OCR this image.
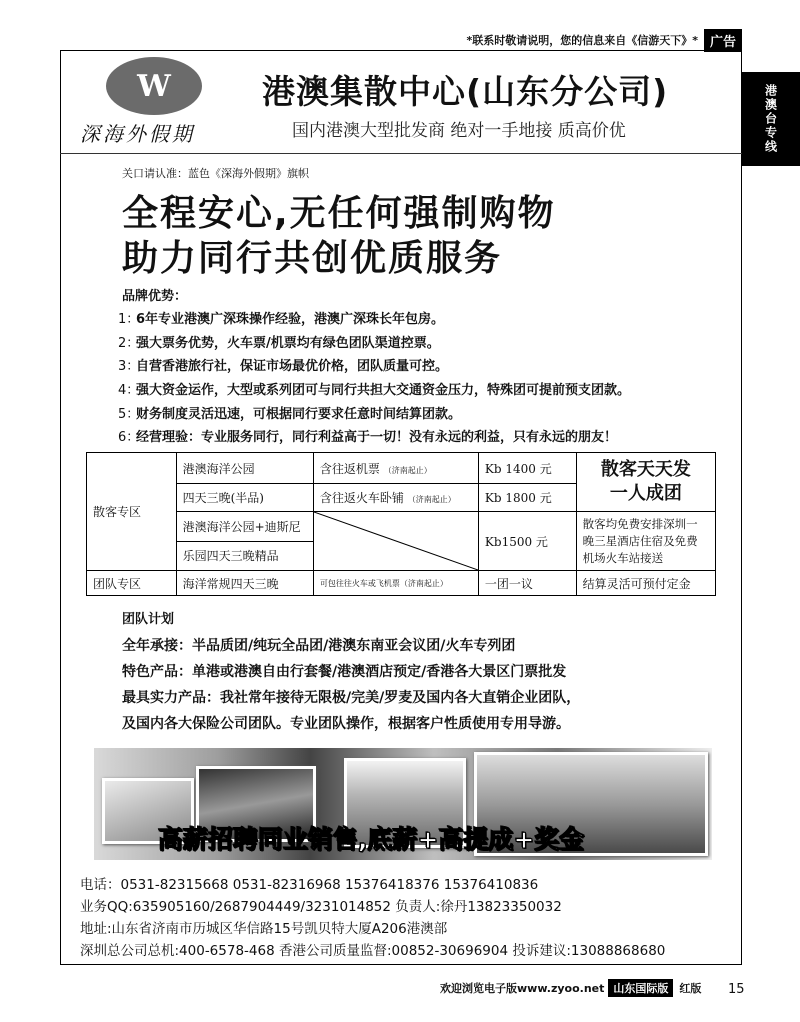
*联系时敬请说明，您的信息来自《信游天下》* 广告
港澳台专线
W
深海外假期
港澳集散中心(山东分公司)
国内港澳大型批发商 绝对一手地接 质高价优
关口请认准：蓝色《深海外假期》旗帜
全程安心,无任何强制购物
助力同行共创优质服务
品牌优势：
1：
6年专业港澳广深珠操作经验，港澳广深珠长年包房。
2：
强大票务优势，火车票/机票均有绿色团队渠道控票。
3：
自营香港旅行社，保证市场最优价格，团队质量可控。
4：
强大资金运作，大型或系列团可与同行共担大交通资金压力，特殊团可提前预支团款。
5：
财务制度灵活迅速，可根据同行要求任意时间结算团款。
6：
经营理验：专业服务同行，同行利益高于一切！没有永远的利益，只有永远的朋友！
散客专区	港澳海洋公园	含往返机票 （济南起止）	Kb 1400 元	散客天天发
一人成团

	四天三晚(半品)	含往返火车卧铺 （济南起止）	Kb 1800 元	
	港澳海洋公园+迪斯尼		Kb1500 元	散客均免费安排深圳一晚三星酒店住宿及免费机场火车站接送
	乐园四天三晚精品			
团队专区	海洋常规四天三晚	可包往往火车或飞机票（济南起止）	一团一议	结算灵活可预付定金
团队计划
全年承接：半品质团/纯玩全品团/港澳东南亚会议团/火车专列团
特色产品：单港或港澳自由行套餐/港澳酒店预定/香港各大景区门票批发
最具实力产品：我社常年接待无限极/完美/罗麦及国内各大直销企业团队，
及国内各大保险公司团队。专业团队操作，根据客户性质使用专用导游。
高薪招聘同业销售,底薪+高提成+奖金
电话：0531-82315668 0531-82316968 15376418376 15376410836
业务QQ:635905160/2687904449/3231014852 负责人:徐丹13823350032
地址:山东省济南市历城区华信路15号凯贝特大厦A206港澳部
深圳总公司总机:400-6578-468 香港公司质量监督:00852-30696904 投诉建议:13088868680
欢迎浏览电子版www.zyoo.net 山东国际版	红版 15
